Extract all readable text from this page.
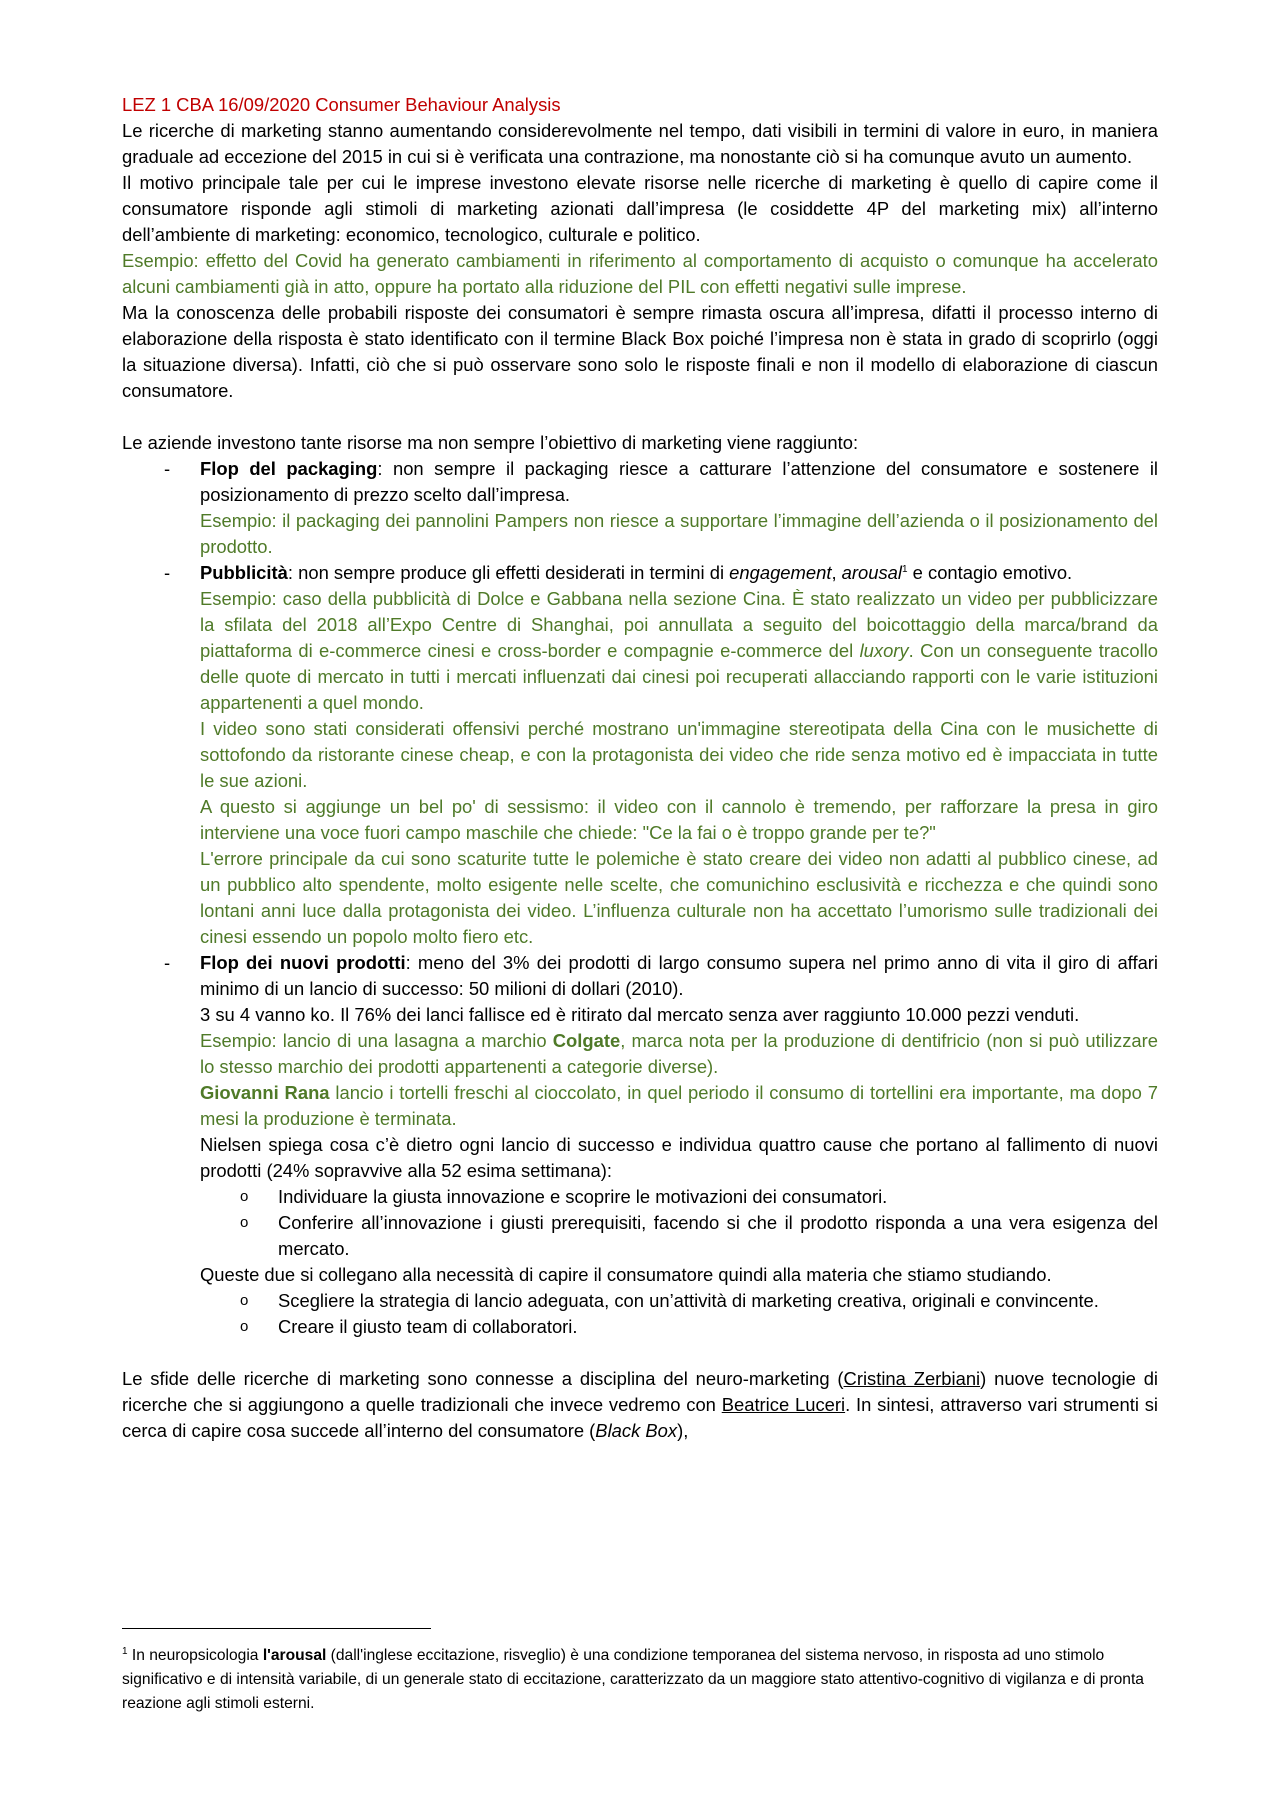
LEZ 1 CBA 16/09/2020 Consumer Behaviour Analysis

Le ricerche di marketing stanno aumentando considerevolmente nel tempo, dati visibili in termini di valore in euro, in maniera graduale ad eccezione del 2015 in cui si è verificata una contrazione, ma nonostante ciò si ha comunque avuto un aumento.

Il motivo principale tale per cui le imprese investono elevate risorse nelle ricerche di marketing è quello di capire come il consumatore risponde agli stimoli di marketing azionati dall’impresa (le cosiddette 4P del marketing mix) all’interno dell’ambiente di marketing: economico, tecnologico, culturale e politico.

Esempio: effetto del Covid ha generato cambiamenti in riferimento al comportamento di acquisto o comunque ha accelerato alcuni cambiamenti già in atto, oppure ha portato alla riduzione del PIL con effetti negativi sulle imprese.

Ma la conoscenza delle probabili risposte dei consumatori è sempre rimasta oscura all’impresa, difatti il processo interno di elaborazione della risposta è stato identificato con il termine Black Box poiché l’impresa non è stata in grado di scoprirlo (oggi la situazione diversa). Infatti, ciò che si può osservare sono solo le risposte finali e non il modello di elaborazione di ciascun consumatore.

Le aziende investono tante risorse ma non sempre l’obiettivo di marketing viene raggiunto:

- Flop del packaging: non sempre il packaging riesce a catturare l’attenzione del consumatore e sostenere il posizionamento di prezzo scelto dall’impresa.

Esempio: il packaging dei pannolini Pampers non riesce a supportare l’immagine dell’azienda o il posizionamento del prodotto.

- Pubblicità: non sempre produce gli effetti desiderati in termini di engagement, arousal$^1$ e contagio emotivo.

Esempio: caso della pubblicità di Dolce e Gabbana nella sezione Cina. È stato realizzato un video per pubblicizzare la sfilata del 2018 all’Expo Centre di Shanghai, poi annullata a seguito del boicottaggio della marca/brand da piattaforma di e-commerce cinesi e cross-border e compagnie e-commerce del luxory. Con un conseguente tracollo delle quote di mercato in tutti i mercati influenzati dai cinesi poi recuperati allacciando rapporti con le varie istituzioni appartenenti a quel mondo.

I video sono stati considerati offensivi perché mostrano un'immagine stereotipata della Cina con le musichette di sottofondo da ristorante cinese cheap, e con la protagonista dei video che ride senza motivo ed è impacciata in tutte le sue azioni.

A questo si aggiunge un bel po' di sessismo: il video con il cannolo è tremendo, per rafforzare la presa in giro interviene una voce fuori campo maschile che chiede: "Ce la fai o è troppo grande per te?"

L'errore principale da cui sono scaturite tutte le polemiche è stato creare dei video non adatti al pubblico cinese, ad un pubblico alto spendente, molto esigente nelle scelte, che comunichino esclusività e ricchezza e che quindi sono lontani anni luce dalla protagonista dei video. L’influenza culturale non ha accettato l’umorismo sulle tradizionali dei cinesi essendo un popolo molto fiero etc.

- Flop dei nuovi prodotti: meno del 3% dei prodotti di largo consumo supera nel primo anno di vita il giro di affari minimo di un lancio di successo: 50 milioni di dollari (2010).

3 su 4 vanno ko. Il 76% dei lanci fallisce ed è ritirato dal mercato senza aver raggiunto 10.000 pezzi venduti.

Esempio: lancio di una lasagna a marchio Colgate, marca nota per la produzione di dentifricio (non si può utilizzare lo stesso marchio dei prodotti appartenenti a categorie diverse).

Giovanni Rana lancio i tortelli freschi al cioccolato, in quel periodo il consumo di tortellini era importante, ma dopo 7 mesi la produzione è terminata.

Nielsen spiega cosa c’è dietro ogni lancio di successo e individua quattro cause che portano al fallimento di nuovi prodotti (24% sopravvive alla 52 esima settimana):

o Individuare la giusta innovazione e scoprire le motivazioni dei consumatori.
o Conferire all’innovazione i giusti prerequisiti, facendo si che il prodotto risponda a una vera esigenza del mercato.

Queste due si collegano alla necessità di capire il consumatore quindi alla materia che stiamo studiando.

o Scegliere la strategia di lancio adeguata, con un’attività di marketing creativa, originali e convincente.
o Creare il giusto team di collaboratori.

Le sfide delle ricerche di marketing sono connesse a disciplina del neuro-marketing (Cristina Zerbiani) nuove tecnologie di ricerche che si aggiungono a quelle tradizionali che invece vedremo con Beatrice Luceri. In sintesi, attraverso vari strumenti si cerca di capire cosa succede all’interno del consumatore (Black Box),

$^1$ In neuropsicologia l'arousal (dall'inglese eccitazione, risveglio) è una condizione temporanea del sistema nervoso, in risposta ad uno stimolo significativo e di intensità variabile, di un generale stato di eccitazione, caratterizzato da un maggiore stato attentivo-cognitivo di vigilanza e di pronta reazione agli stimoli esterni.
